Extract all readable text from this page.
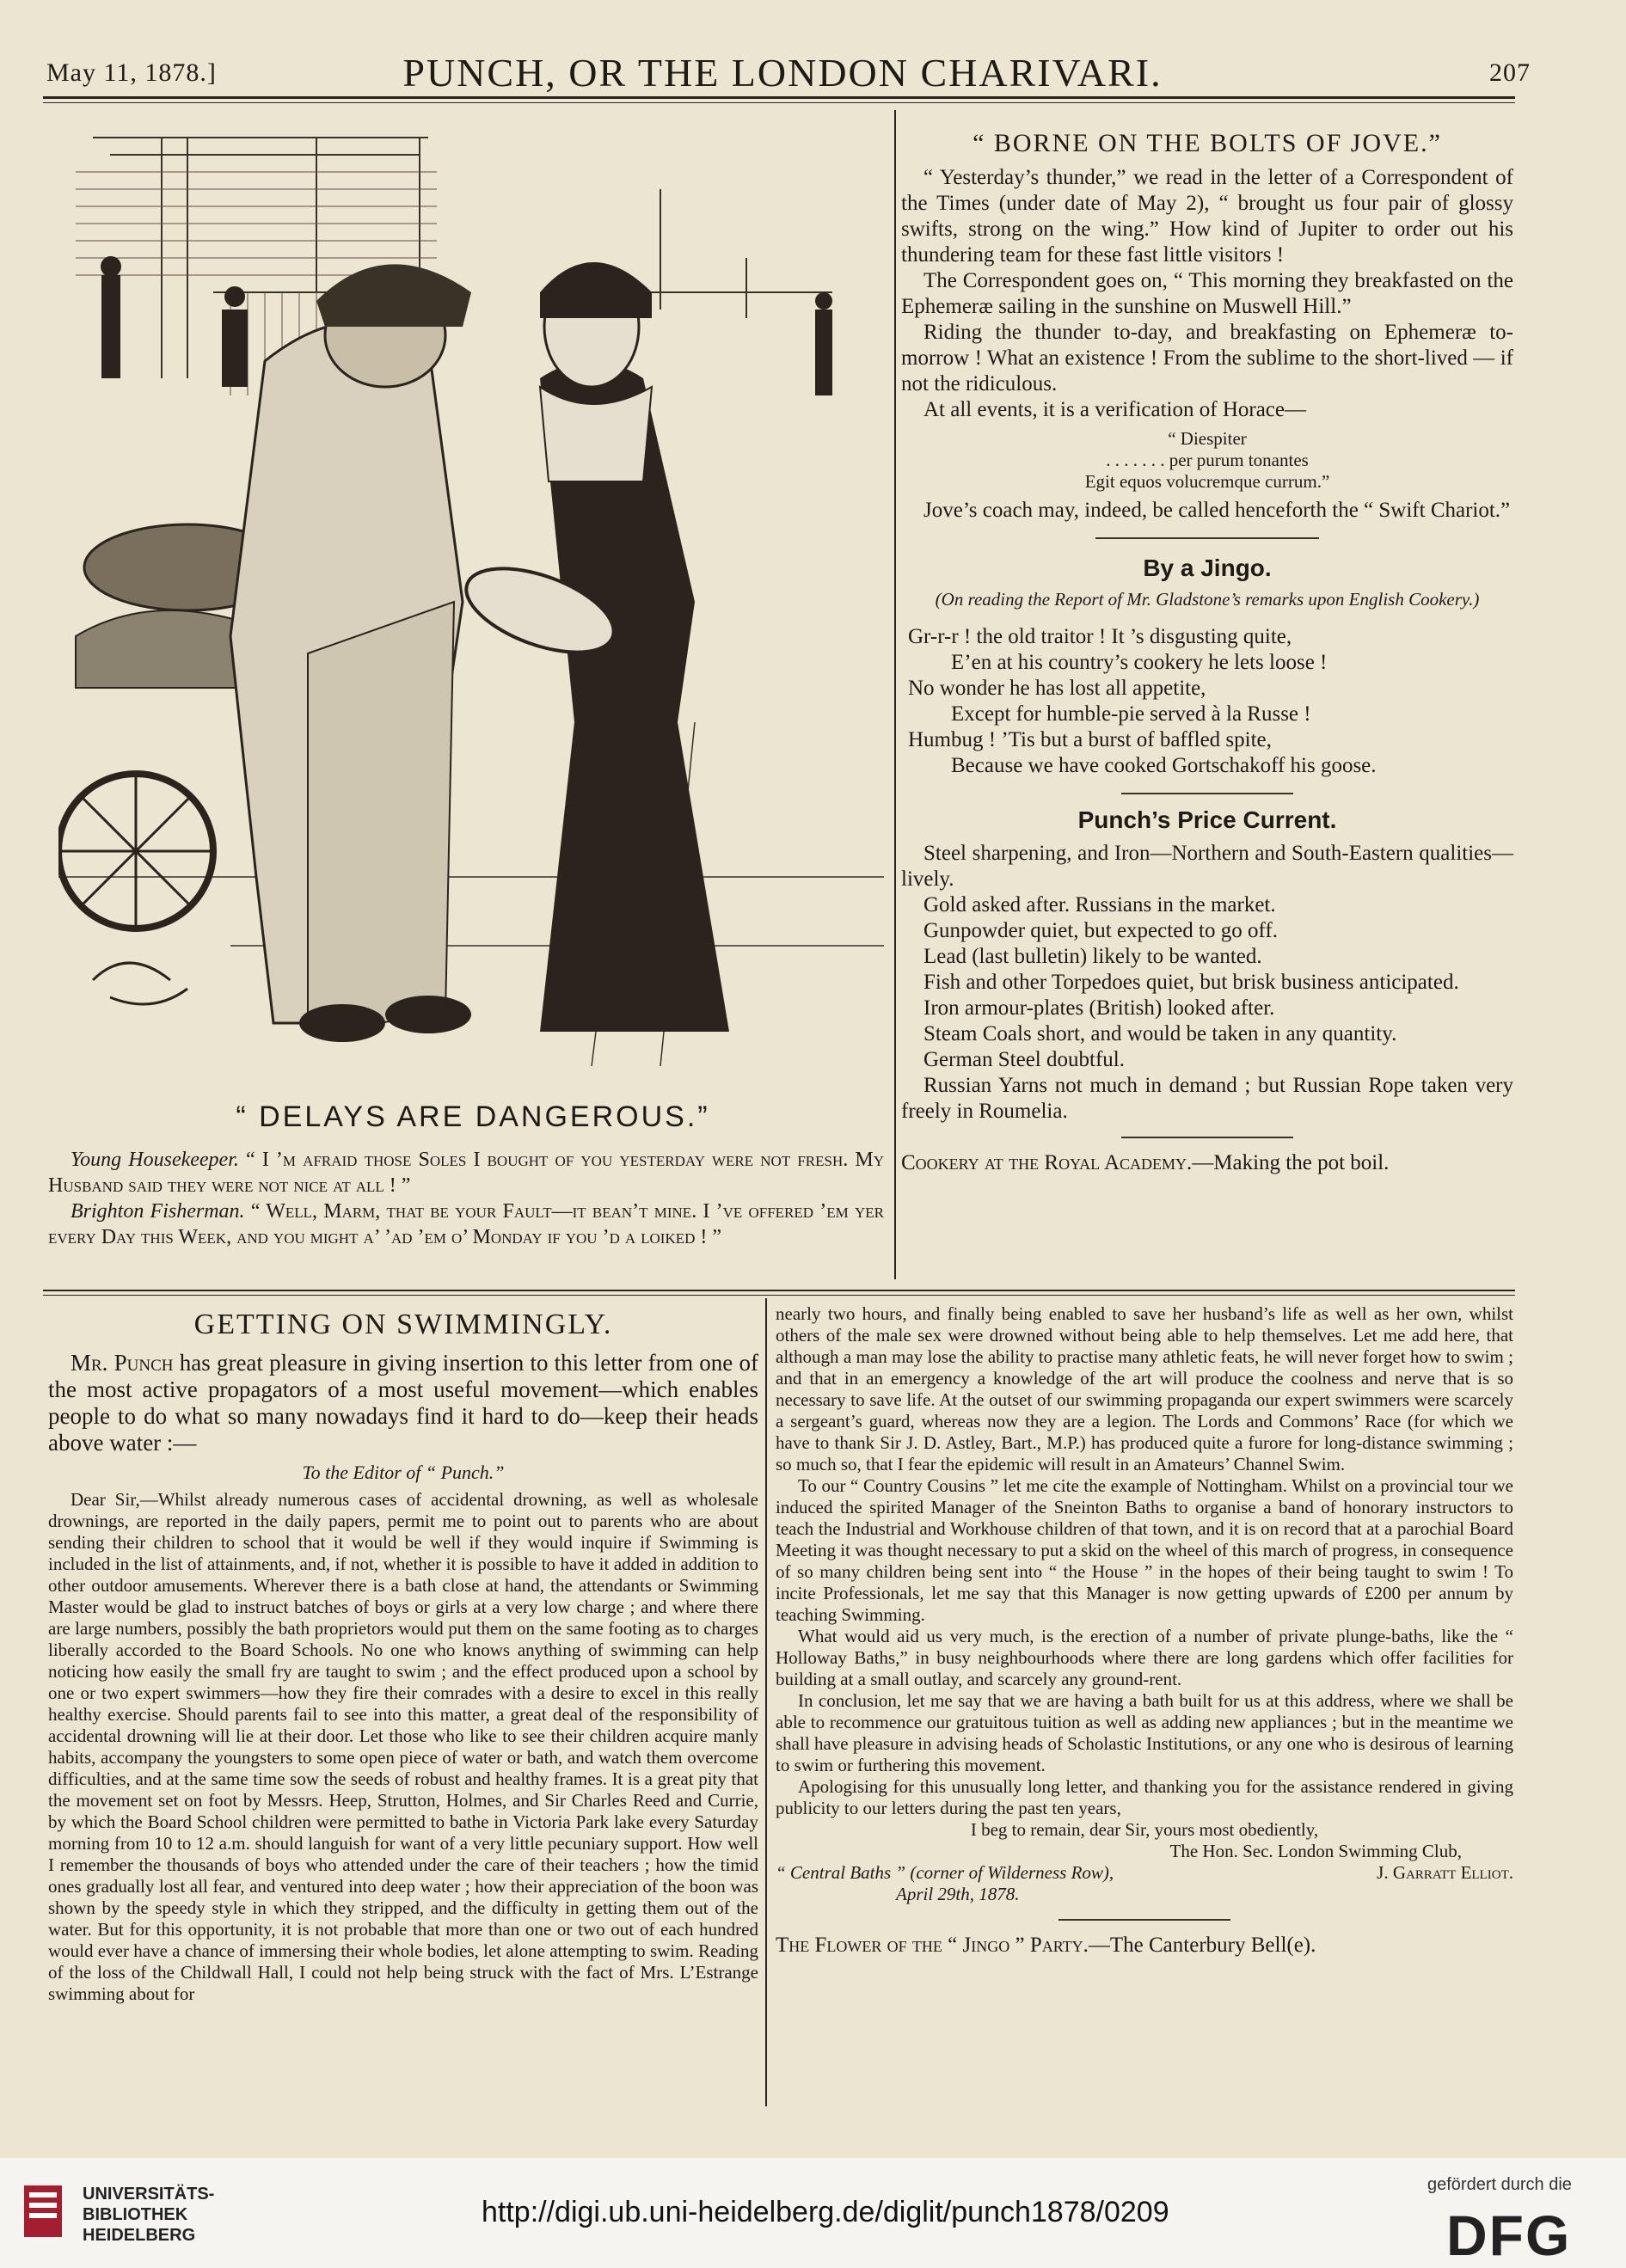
May 11, 1878.]	PUNCH, OR THE LONDON CHARIVARI.	207
“ DELAYS ARE DANGEROUS.”

Young Housekeeper. “ I ’m afraid those Soles I bought of you yesterday were not fresh. My Husband said they were not nice at all ! ”

Brighton Fisherman. “ Well, Marm, that be your Fault—it bean’t mine. I ’ve offered ’em yer every Day this Week, and you might a’ ’ad ’em o’ Monday if you ’d a loiked ! ”

“ BORNE ON THE BOLTS OF JOVE.”

“ Yesterday’s thunder,” we read in the letter of a Correspondent of the Times (under date of May 2), “ brought us four pair of glossy swifts, strong on the wing.” How kind of Jupiter to order out his thundering team for these fast little visitors !

The Correspondent goes on, “ This morning they breakfasted on the Ephemeræ sailing in the sunshine on Muswell Hill.”

Riding the thunder to-day, and breakfasting on Ephemeræ to-morrow ! What an existence ! From the sublime to the short-lived — if not the ridiculous.

At all events, it is a verification of Horace—

“ Diespiter
. . . . . . . per purum tonantes
Egit equos volucremque currum.”

Jove’s coach may, indeed, be called henceforth the “ Swift Chariot.”

By a Jingo.
(On reading the Report of Mr. Gladstone’s remarks upon English Cookery.)
Gr-r-r ! the old traitor ! It ’s disgusting quite,
E’en at his country’s cookery he lets loose !
No wonder he has lost all appetite,
Except for humble-pie served à la Russe !
Humbug ! ’Tis but a burst of baffled spite,
Because we have cooked Gortschakoff his goose.
Punch’s Price Current.

Steel sharpening, and Iron—Northern and South-Eastern qualities—lively.

Gold asked after. Russians in the market.

Gunpowder quiet, but expected to go off.

Lead (last bulletin) likely to be wanted.

Fish and other Torpedoes quiet, but brisk business anticipated.

Iron armour-plates (British) looked after.

Steam Coals short, and would be taken in any quantity.

German Steel doubtful.

Russian Yarns not much in demand ; but Russian Rope taken very freely in Roumelia.

Cookery at the Royal Academy.—Making the pot boil.

GETTING ON SWIMMINGLY.

Mr. Punch has great pleasure in giving insertion to this letter from one of the most active propagators of a most useful movement—which enables people to do what so many nowadays find it hard to do—keep their heads above water :—

To the Editor of “ Punch.”

Dear Sir,—Whilst already numerous cases of accidental drowning, as well as wholesale drownings, are reported in the daily papers, permit me to point out to parents who are about sending their children to school that it would be well if they would inquire if Swimming is included in the list of attainments, and, if not, whether it is possible to have it added in addition to other outdoor amusements. Wherever there is a bath close at hand, the attendants or Swimming Master would be glad to instruct batches of boys or girls at a very low charge ; and where there are large numbers, possibly the bath proprietors would put them on the same footing as to charges liberally accorded to the Board Schools. No one who knows anything of swimming can help noticing how easily the small fry are taught to swim ; and the effect produced upon a school by one or two expert swimmers—how they fire their comrades with a desire to excel in this really healthy exercise. Should parents fail to see into this matter, a great deal of the responsibility of accidental drowning will lie at their door. Let those who like to see their children acquire manly habits, accompany the youngsters to some open piece of water or bath, and watch them overcome difficulties, and at the same time sow the seeds of robust and healthy frames. It is a great pity that the movement set on foot by Messrs. Heep, Strutton, Holmes, and Sir Charles Reed and Currie, by which the Board School children were permitted to bathe in Victoria Park lake every Saturday morning from 10 to 12 a.m. should languish for want of a very little pecuniary support. How well I remember the thousands of boys who attended under the care of their teachers ; how the timid ones gradually lost all fear, and ventured into deep water ; how their appreciation of the boon was shown by the speedy style in which they stripped, and the difficulty in getting them out of the water. But for this opportunity, it is not probable that more than one or two out of each hundred would ever have a chance of immersing their whole bodies, let alone attempting to swim. Reading of the loss of the Childwall Hall, I could not help being struck with the fact of Mrs. L’Estrange swimming about for

nearly two hours, and finally being enabled to save her husband’s life as well as her own, whilst others of the male sex were drowned without being able to help themselves. Let me add here, that although a man may lose the ability to practise many athletic feats, he will never forget how to swim ; and that in an emergency a knowledge of the art will produce the coolness and nerve that is so necessary to save life. At the outset of our swimming propaganda our expert swimmers were scarcely a sergeant’s guard, whereas now they are a legion. The Lords and Commons’ Race (for which we have to thank Sir J. D. Astley, Bart., M.P.) has produced quite a furore for long-distance swimming ; so much so, that I fear the epidemic will result in an Amateurs’ Channel Swim.

To our “ Country Cousins ” let me cite the example of Nottingham. Whilst on a provincial tour we induced the spirited Manager of the Sneinton Baths to organise a band of honorary instructors to teach the Industrial and Workhouse children of that town, and it is on record that at a parochial Board Meeting it was thought necessary to put a skid on the wheel of this march of progress, in consequence of so many children being sent into “ the House ” in the hopes of their being taught to swim ! To incite Professionals, let me say that this Manager is now getting upwards of £200 per annum by teaching Swimming.

What would aid us very much, is the erection of a number of private plunge-baths, like the “ Holloway Baths,” in busy neighbourhoods where there are long gardens which offer facilities for building at a small outlay, and scarcely any ground-rent.

In conclusion, let me say that we are having a bath built for us at this address, where we shall be able to recommence our gratuitous tuition as well as adding new appliances ; but in the meantime we shall have pleasure in advising heads of Scholastic Institutions, or any one who is desirous of learning to swim or furthering this movement.

Apologising for this unusually long letter, and thanking you for the assistance rendered in giving publicity to our letters during the past ten years,

I beg to remain, dear Sir, yours most obediently,
The Hon. Sec. London Swimming Club,
“ Central Baths ” (corner of Wilderness Row),	J. Garratt Elliot.
April 29th, 1878.

The Flower of the “ Jingo ” Party.—The Canterbury Bell(e).

UNIVERSITÄTS-
BIBLIOTHEK
HEIDELBERG
http://digi.ub.uni-heidelberg.de/diglit/punch1878/0209
gefördert durch die
DFG
